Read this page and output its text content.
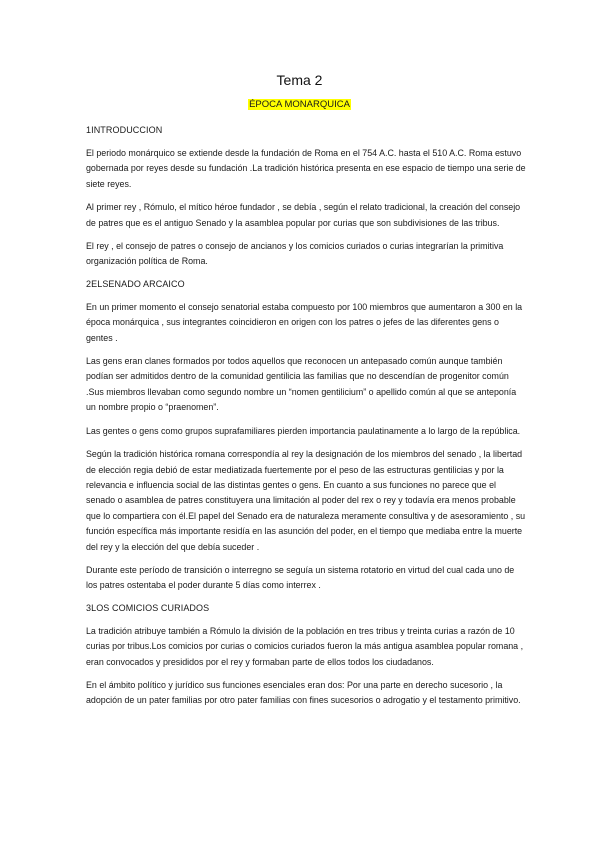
Tema 2
ÉPOCA MONARQUICA
1INTRODUCCION

El periodo monárquico se extiende desde la fundación de Roma en el 754 A.C. hasta el 510 A.C. Roma estuvo gobernada por reyes desde su fundación .La tradición histórica presenta en ese espacio de tiempo una serie de siete reyes.

Al primer rey , Rómulo, el mítico héroe fundador , se debía , según el relato tradicional, la creación del consejo de patres que es el antiguo Senado y la asamblea popular por curias que son subdivisiones de las tribus.

El rey , el consejo de patres o consejo de ancianos y los comicios curiados o curias integrarían la primitiva organización política de Roma.

2ELSENADO ARCAICO

En un primer momento el consejo senatorial estaba compuesto por 100 miembros que aumentaron a 300 en la época monárquica , sus integrantes coincidieron en origen con los patres o jefes de las diferentes gens o gentes .

Las gens eran clanes formados por todos aquellos que reconocen un antepasado común aunque también podían ser admitidos dentro de la comunidad gentilicia las familias que no descendían de progenitor común .Sus miembros llevaban como segundo nombre un “nomen gentilicium” o apellido común al que se anteponía un nombre propio o “praenomen”.

Las gentes o gens como grupos suprafamiliares pierden importancia paulatinamente a lo largo de la república.

Según la tradición histórica romana correspondía al rey la designación de los miembros del senado , la libertad de elección regia debió de estar mediatizada fuertemente por el peso de las estructuras gentilicias y por la relevancia e influencia social de las distintas gentes o gens. En cuanto a sus funciones no parece que el senado o asamblea de patres constituyera una limitación al poder del rex o rey y todavía era menos probable que lo compartiera con él.El papel del Senado era de naturaleza meramente consultiva y de asesoramiento , su función específica más importante residía en las asunción del poder, en el tiempo que mediaba entre la muerte del rey y la elección del que debía suceder .

Durante este período de transición o interregno se seguía un sistema rotatorio en virtud del cual cada uno de los patres ostentaba el poder durante 5 días como interrex .

3LOS COMICIOS CURIADOS

La tradición atribuye también a Rómulo la división de la población en tres tribus y treinta curias a razón de 10 curias por tribus.Los comicios por curias o comicios curiados fueron la más antigua asamblea popular romana , eran convocados y presididos por el rey y formaban parte de ellos todos los ciudadanos.

En el ámbito político y jurídico sus funciones esenciales eran dos: Por una parte en derecho sucesorio , la adopción de un pater familias por otro pater familias con fines sucesorios o adrogatio y el testamento primitivo.
